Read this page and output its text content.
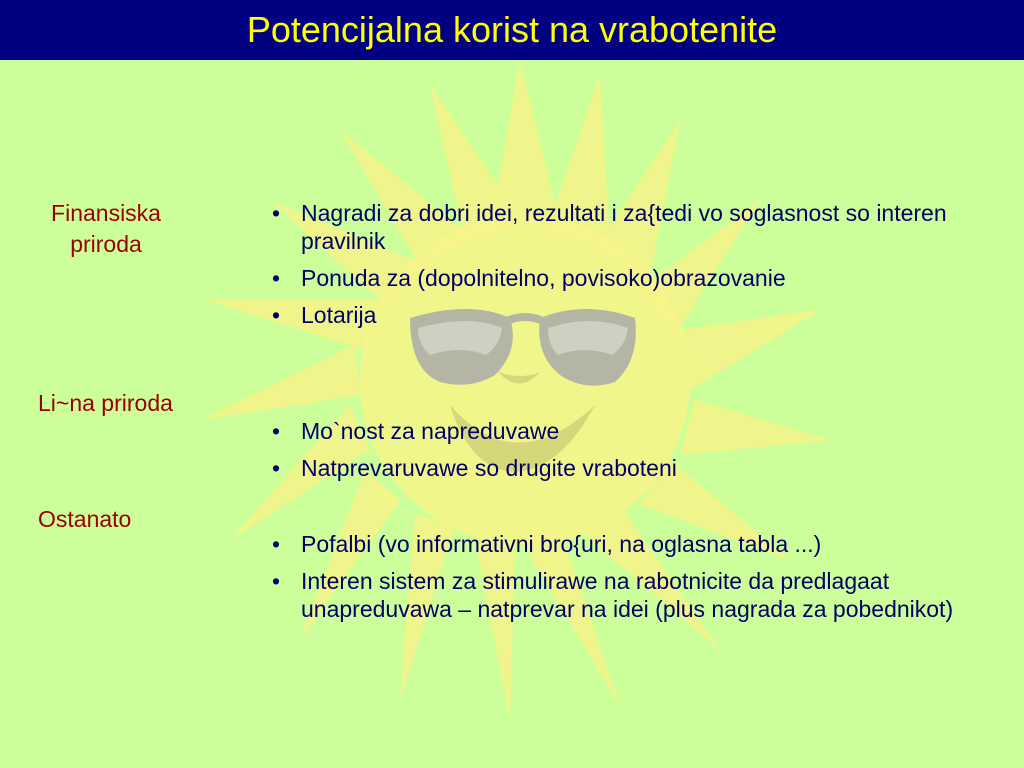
Potencijalna korist na vrabotenite
Finansiska priroda
Li~na priroda
Ostanato
• Nagradi za dobri idei, rezultati i za{tedi vo soglasnost so interen pravilnik
• Ponuda za (dopolnitelno, povisoko)obrazovanie
• Lotarija
• Mo`nost za napreduvawe
• Natprevaruvawe so drugite vraboteni
• Pofalbi (vo informativni bro{uri, na oglasna tabla ...)
• Interen sistem za stimulirawe na rabotnicite da predlagaat unapreduvawa – natprevar na idei (plus nagrada za pobednikot)
